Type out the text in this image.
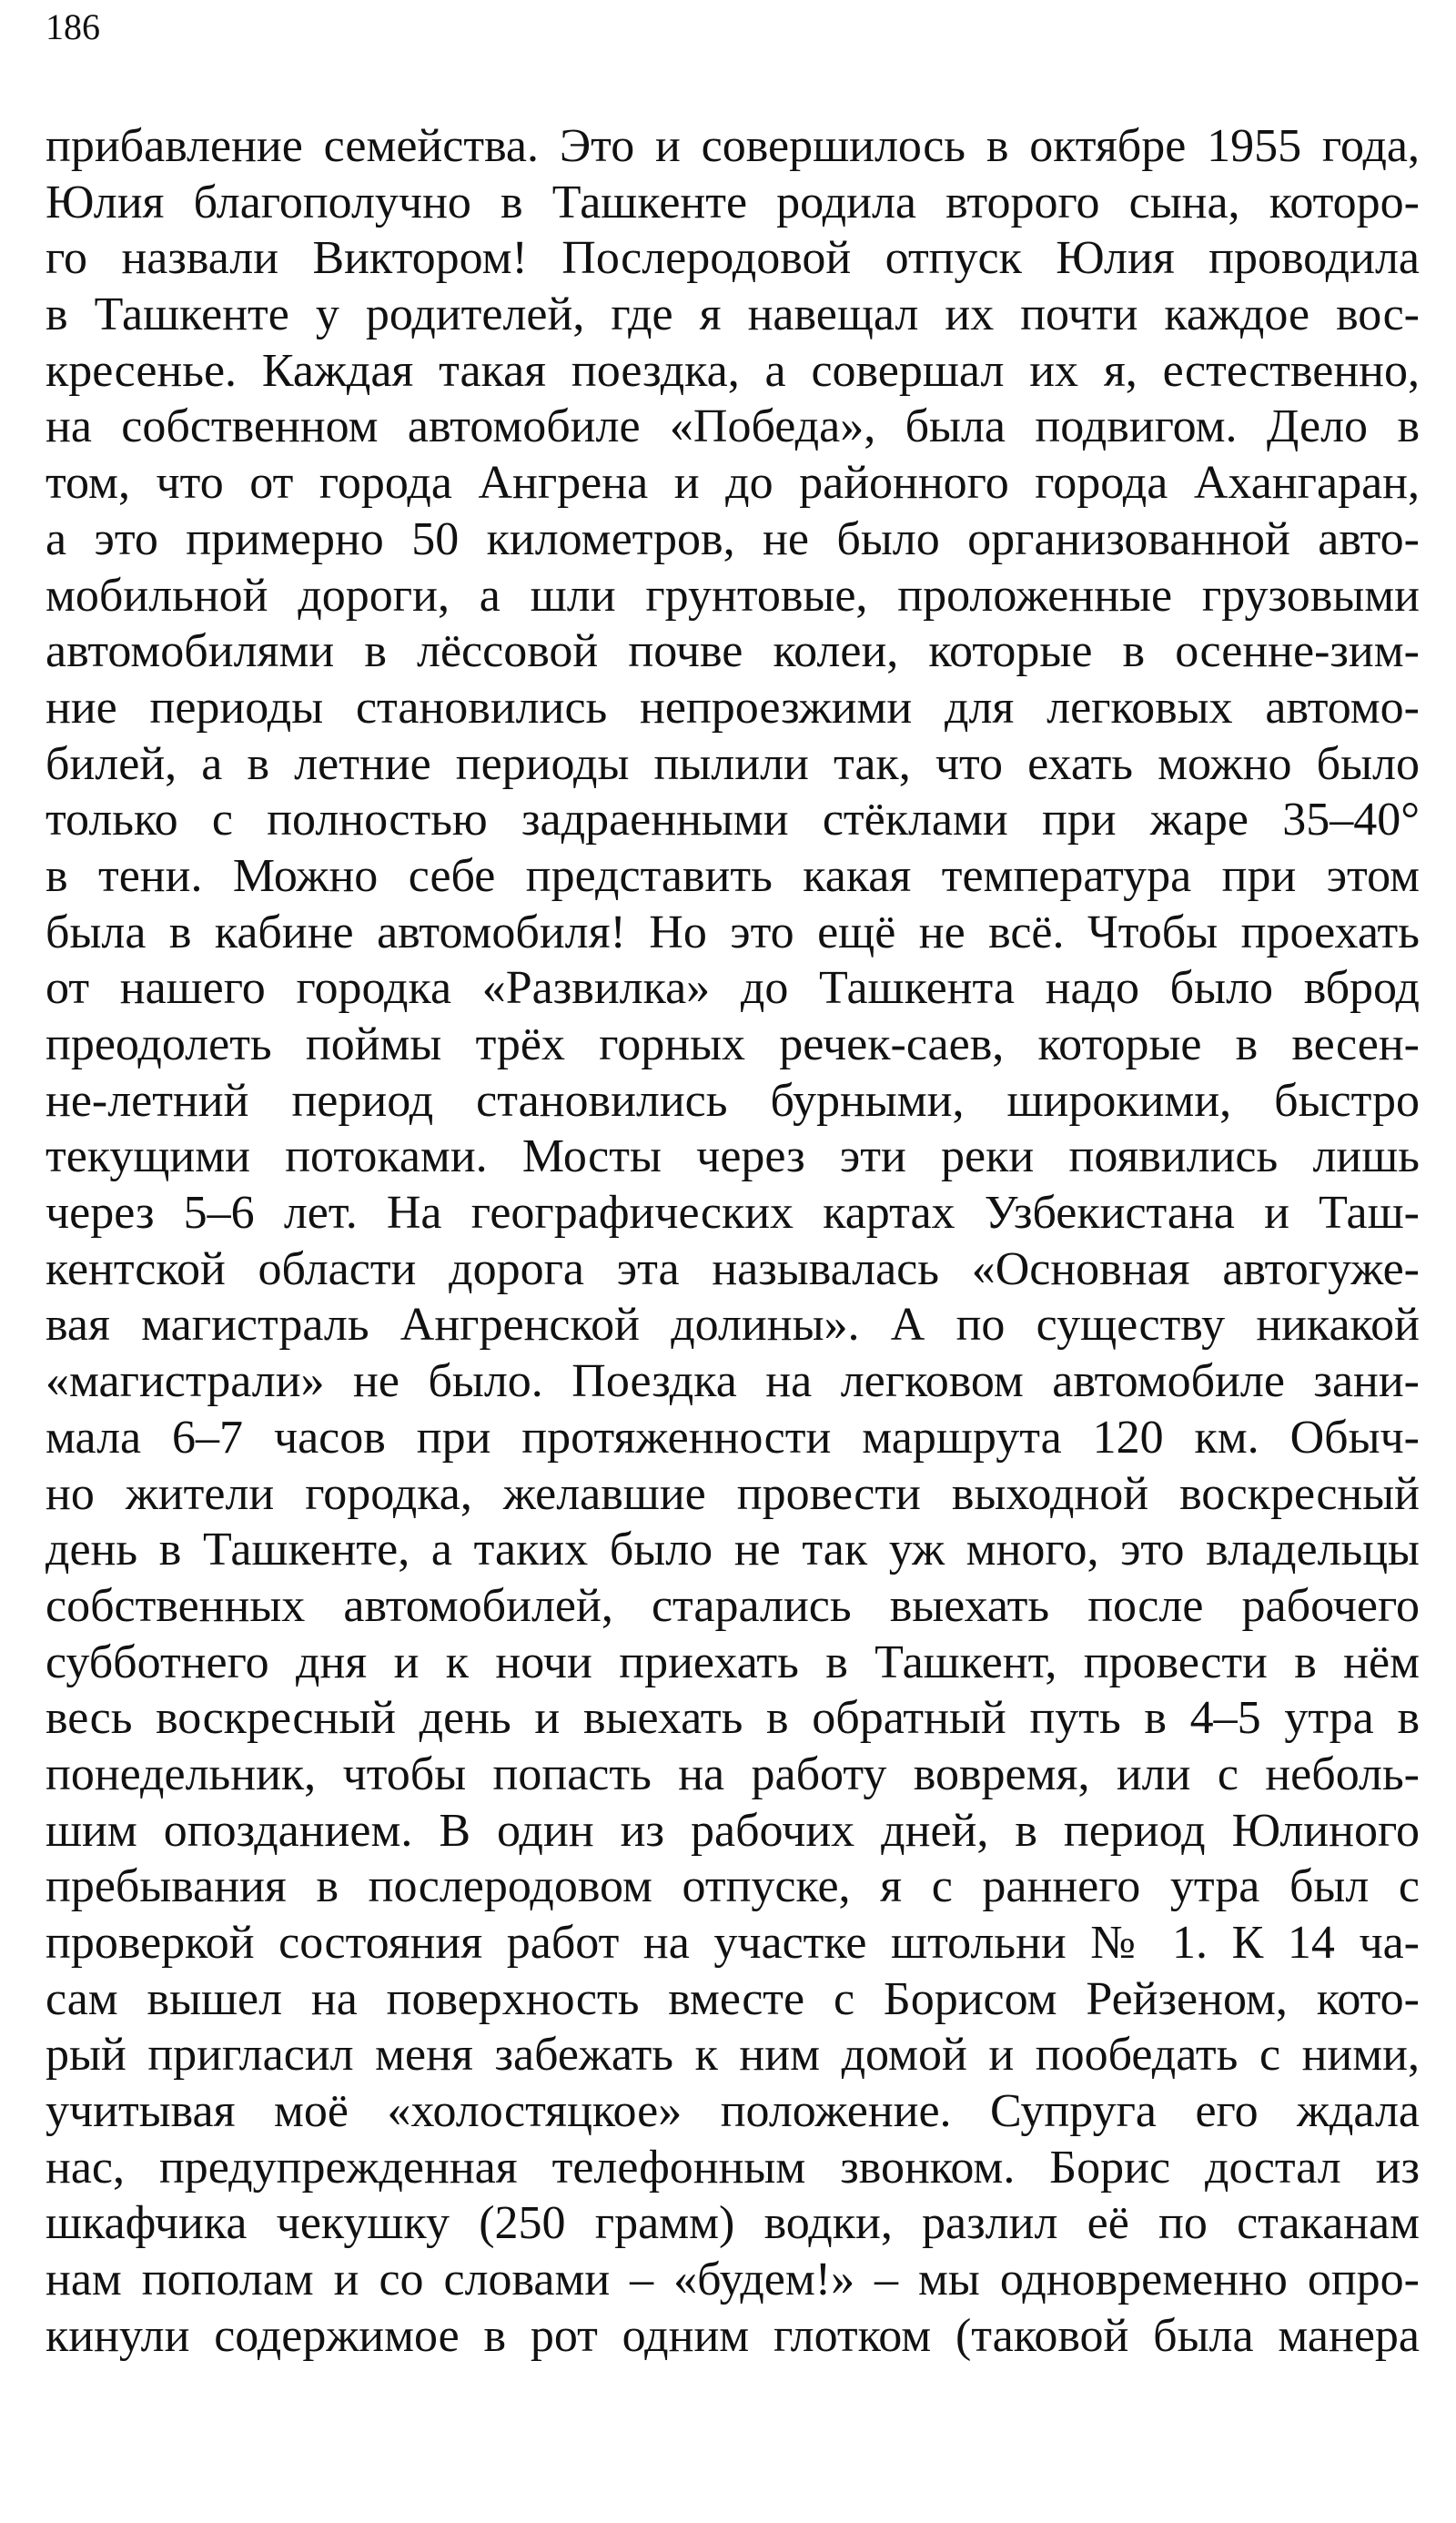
186
прибавление семейства. Это и совершилось в октябре 1955 года,
Юлия благополучно в Ташкенте родила второго сына, которо-
го назвали Виктором! Послеродовой отпуск Юлия проводила
в Ташкенте у родителей, где я навещал их почти каждое вос-
кресенье. Каждая такая поездка, а совершал их я, естественно,
на собственном автомобиле «Победа», была подвигом. Дело в
том, что от города Ангрена и до районного города Ахангаран,
а это примерно 50 километров, не было организованной авто-
мобильной дороги, а шли грунтовые, проложенные грузовыми
автомобилями в лёссовой почве колеи, которые в осенне-зим-
ние периоды становились непроезжими для легковых автомо-
билей, а в летние периоды пылили так, что ехать можно было
только с полностью задраенными стёклами при жаре 35–40°
в тени. Можно себе представить какая температура при этом
была в кабине автомобиля! Но это ещё не всё. Чтобы проехать
от нашего городка «Развилка» до Ташкента надо было вброд
преодолеть поймы трёх горных речек-саев, которые в весен-
не-летний период становились бурными, широкими, быстро
текущими потоками. Мосты через эти реки появились лишь
через 5–6 лет. На географических картах Узбекистана и Таш-
кентской области дорога эта называлась «Основная автогуже-
вая магистраль Ангренской долины». А по существу никакой
«магистрали» не было. Поездка на легковом автомобиле зани-
мала 6–7 часов при протяженности маршрута 120 км. Обыч-
но жители городка, желавшие провести выходной воскресный
день в Ташкенте, а таких было не так уж много, это владельцы
собственных автомобилей, старались выехать после рабочего
субботнего дня и к ночи приехать в Ташкент, провести в нём
весь воскресный день и выехать в обратный путь в 4–5 утра в
понедельник, чтобы попасть на работу вовремя, или с неболь-
шим опозданием. В один из рабочих дней, в период Юлиного
пребывания в послеродовом отпуске, я с раннего утра был с
проверкой состояния работ на участке штольни № 1. К 14 ча-
сам вышел на поверхность вместе с Борисом Рейзеном, кото-
рый пригласил меня забежать к ним домой и пообедать с ними,
учитывая моё «холостяцкое» положение. Супруга его ждала
нас, предупрежденная телефонным звонком. Борис достал из
шкафчика чекушку (250 грамм) водки, разлил её по стаканам
нам пополам и со словами – «будем!» – мы одновременно опро-
кинули содержимое в рот одним глотком (таковой была манера
